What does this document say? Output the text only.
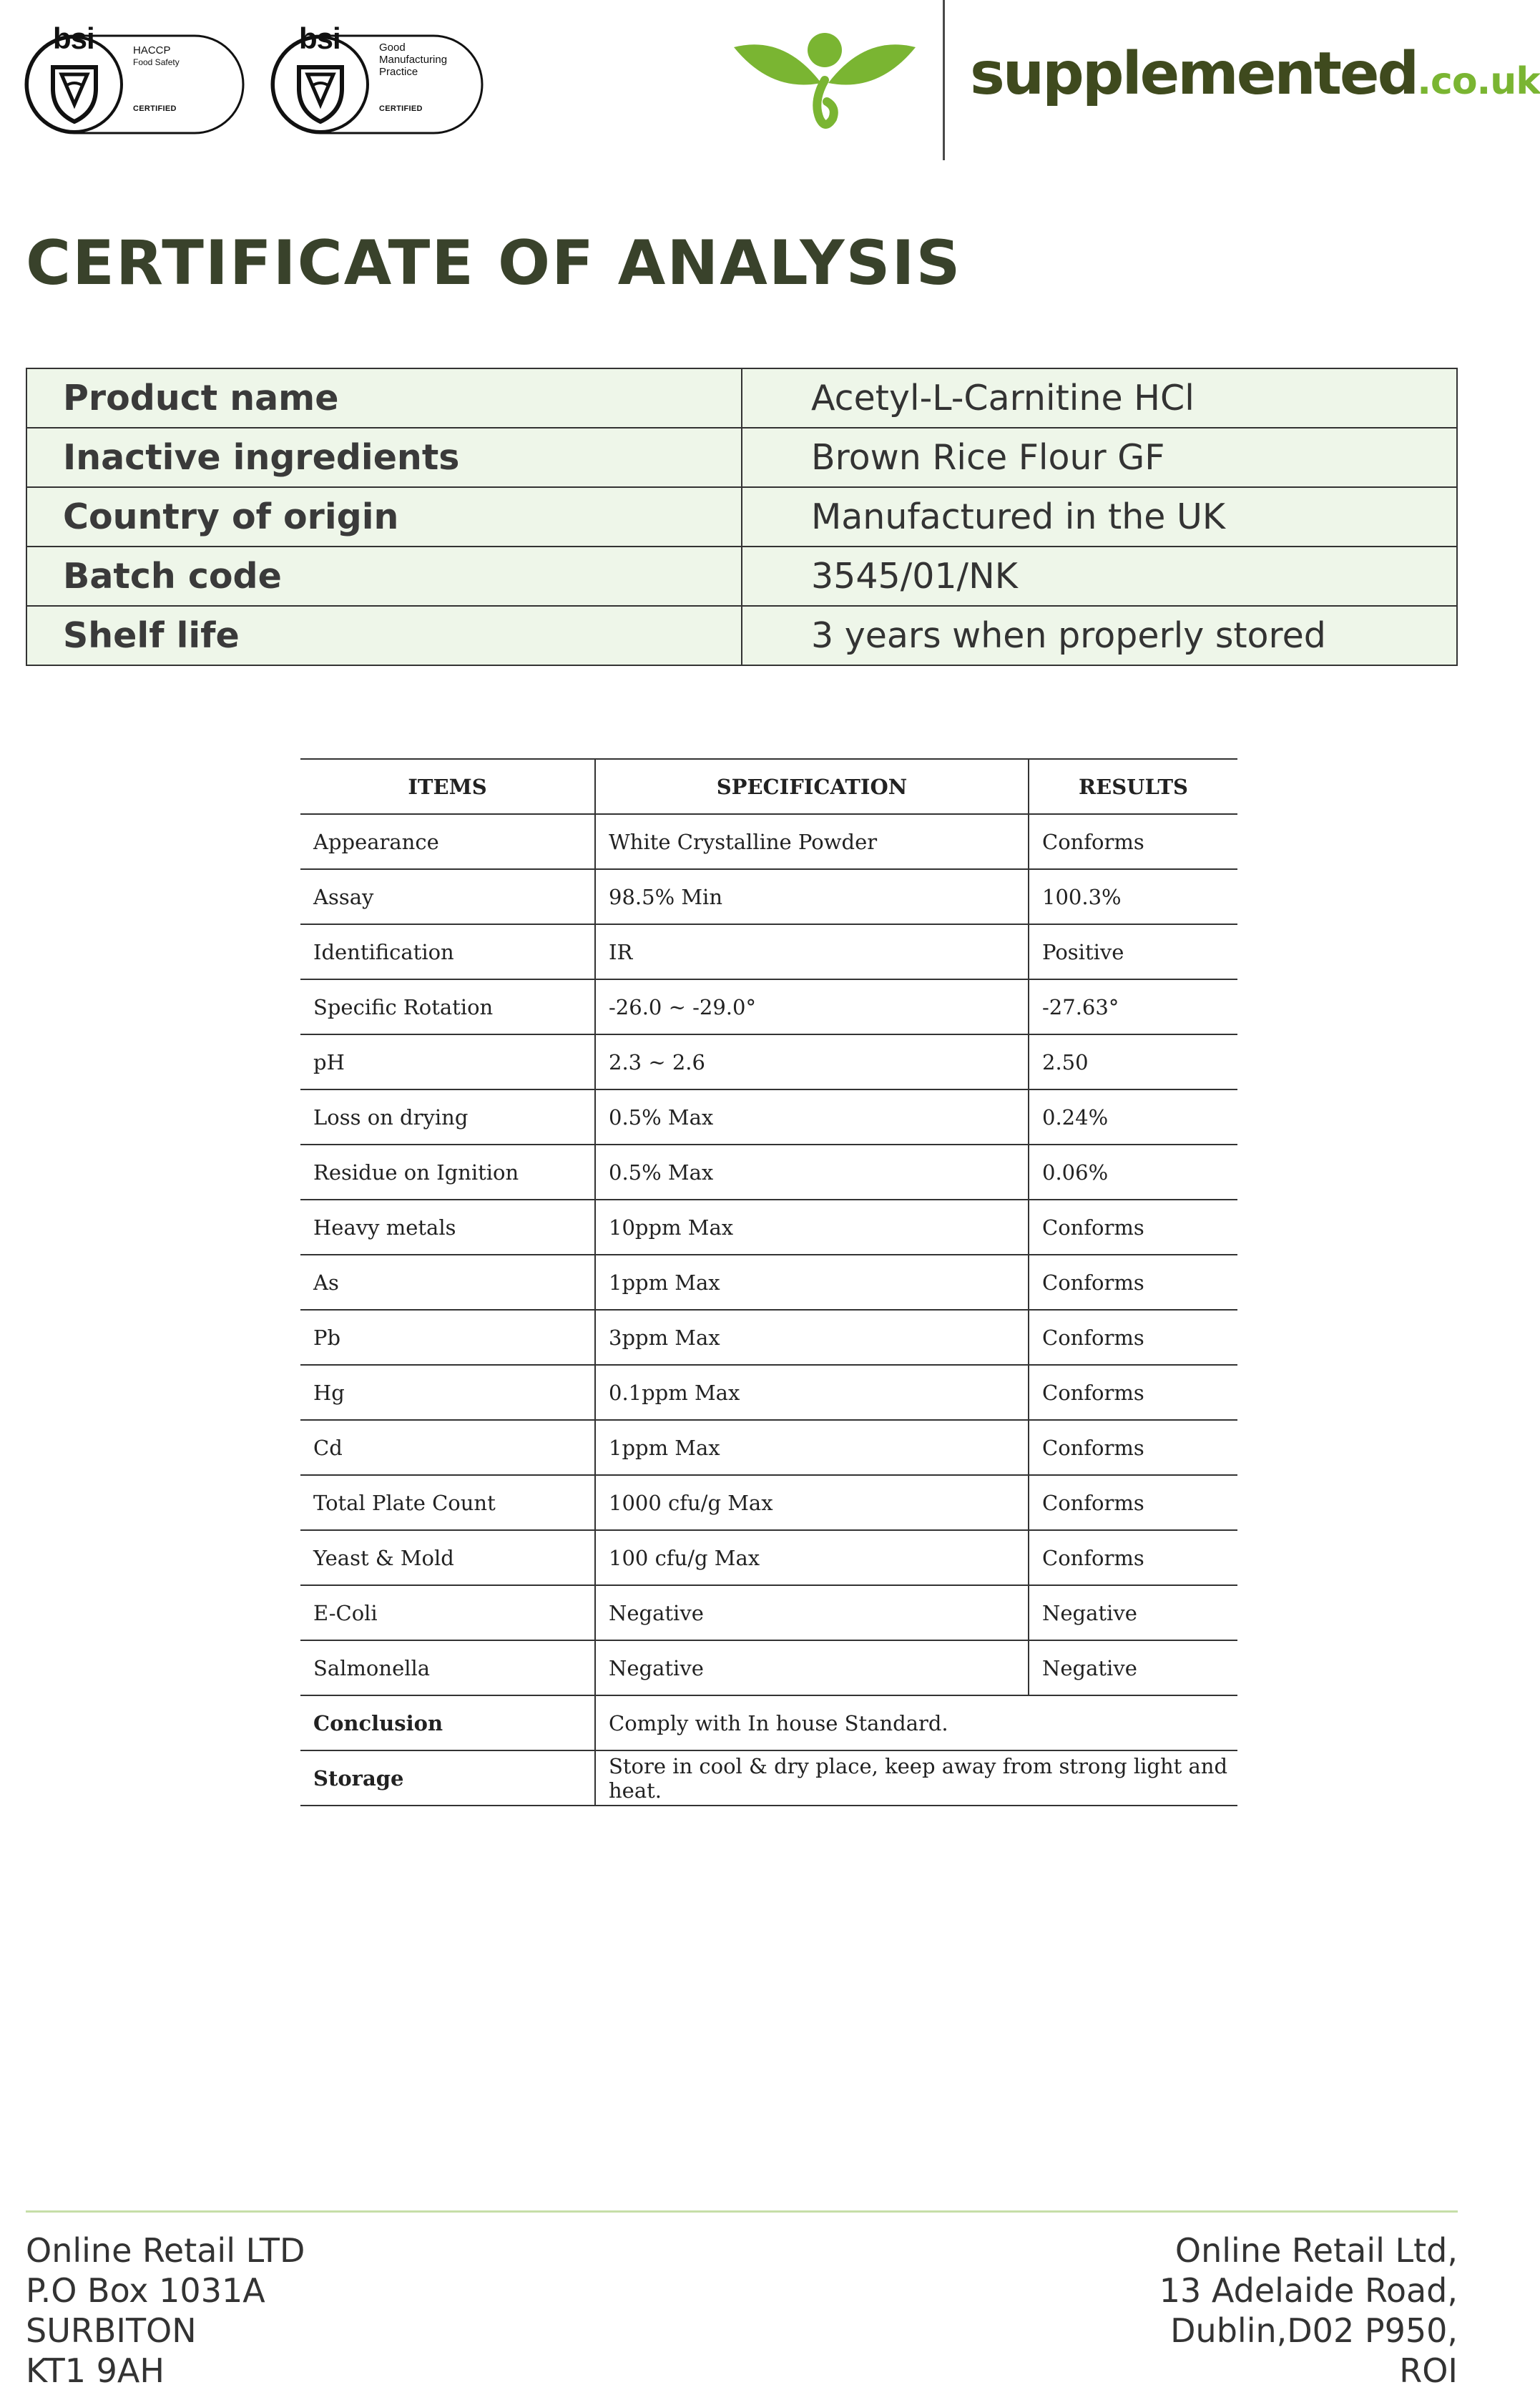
bsi	HACCP
Food Safety
CERTIFIED
bsi	Good
Manufacturing
Practice
CERTIFIED
supplemented.co.uk
CERTIFICATE OF ANALYSIS
Product name	Acetyl-L-Carnitine HCl
Inactive ingredients	Brown Rice Flour GF
Country of origin	Manufactured in the UK
Batch code	3545/01/NK
Shelf life	3 years when properly stored
ITEMS	SPECIFICATION	RESULTS
Appearance	White Crystalline Powder	Conforms
Assay	98.5% Min	100.3%
Identification	IR	Positive
Specific Rotation	-26.0 ~ -29.0°	-27.63°
pH	2.3 ~ 2.6	2.50
Loss on drying	0.5% Max	0.24%
Residue on Ignition	0.5% Max	0.06%
Heavy metals	10ppm Max	Conforms
As	1ppm Max	Conforms
Pb	3ppm Max	Conforms
Hg	0.1ppm Max	Conforms
Cd	1ppm Max	Conforms
Total Plate Count	1000 cfu/g Max	Conforms
Yeast & Mold	100 cfu/g Max	Conforms
E-Coli	Negative	Negative
Salmonella	Negative	Negative
Conclusion	Comply with In house Standard.	
Storage	Store in cool & dry place, keep away from strong light and heat.	
Online Retail LTD
P.O Box 1031A
SURBITON
KT1 9AH
Online Retail Ltd,
13 Adelaide Road,
Dublin,D02 P950,
ROI
